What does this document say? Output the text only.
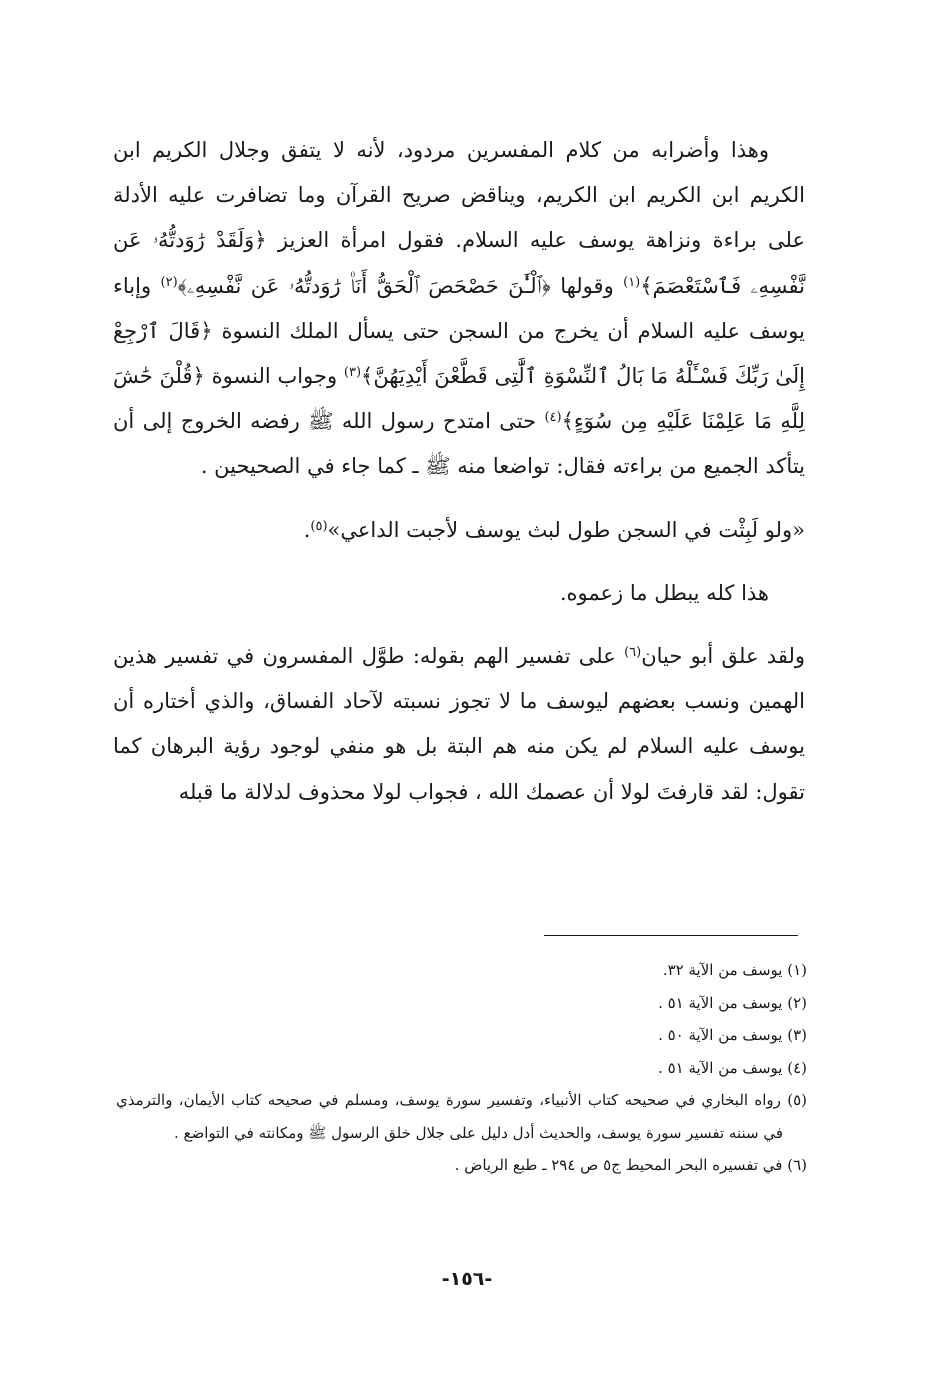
وهذا وأضرابه من كلام المفسرين مردود، لأنه لا يتفق وجلال الكريم ابن الكريم ابن الكريم ابن الكريم، ويناقض صريح القرآن وما تضافرت عليه الأدلة على براءة ونزاهة يوسف عليه السلام. فقول امرأة العزيز ﴿وَلَقَدْ رَٰوَدتُّهُۥ عَن نَّفْسِهِۦ فَٱسْتَعْصَمَ﴾$^{(١)}$ وقولها ﴿ٱلْـَٰٔنَ حَصْحَصَ ٱلْحَقُّ أَنَا۠ رَٰوَدتُّهُۥ عَن نَّفْسِهِۦ﴾$^{(٢)}$ وإباء يوسف عليه السلام أن يخرج من السجن حتى يسأل الملك النسوة ﴿قَالَ ٱرْجِعْ إِلَىٰ رَبِّكَ فَسْـَٔلْهُ مَا بَالُ ٱلنِّسْوَةِ ٱلَّٰتِى قَطَّعْنَ أَيْدِيَهُنَّ﴾$^{(٣)}$ وجواب النسوة ﴿قُلْنَ حَٰشَ لِلَّهِ مَا عَلِمْنَا عَلَيْهِ مِن سُوٓءٍ﴾$^{(٤)}$ حتى امتدح رسول الله ﷺ رفضه الخروج إلى أن يتأكد الجميع من براءته فقال: تواضعا منه ﷺ ـ كما جاء في الصحيحين .

«ولو لَبِثْت في السجن طول لبث يوسف لأجبت الداعي»$^{(٥)}$.

هذا كله يبطل ما زعموه.

ولقد علق أبو حيان$^{(٦)}$ على تفسير الهم بقوله: طوَّل المفسرون في تفسير هذين الهمين ونسب بعضهم ليوسف ما لا تجوز نسبته لآحاد الفساق، والذي أختاره أن يوسف عليه السلام لم يكن منه هم البتة بل هو منفي لوجود رؤية البرهان كما تقول: لقد قارفتَ لولا أن عصمك الله ، فجواب لولا محذوف لدلالة ما قبله

(١) يوسف من الآية ٣٢.

(٢) يوسف من الآية ٥١ .

(٣) يوسف من الآية ٥٠ .

(٤) يوسف من الآية ٥١ .

(٥) رواه البخاري في صحيحه كتاب الأنبياء، وتفسير سورة يوسف، ومسلم في صحيحه كتاب الأيمان، والترمذي في سننه تفسير سورة يوسف، والحديث أدل دليل على جلال خلق الرسول ﷺ ومكانته في التواضع .

(٦) في تفسيره البحر المحيط ج٥ ص ٢٩٤ ـ طبع الرياض .

-١٥٦-
